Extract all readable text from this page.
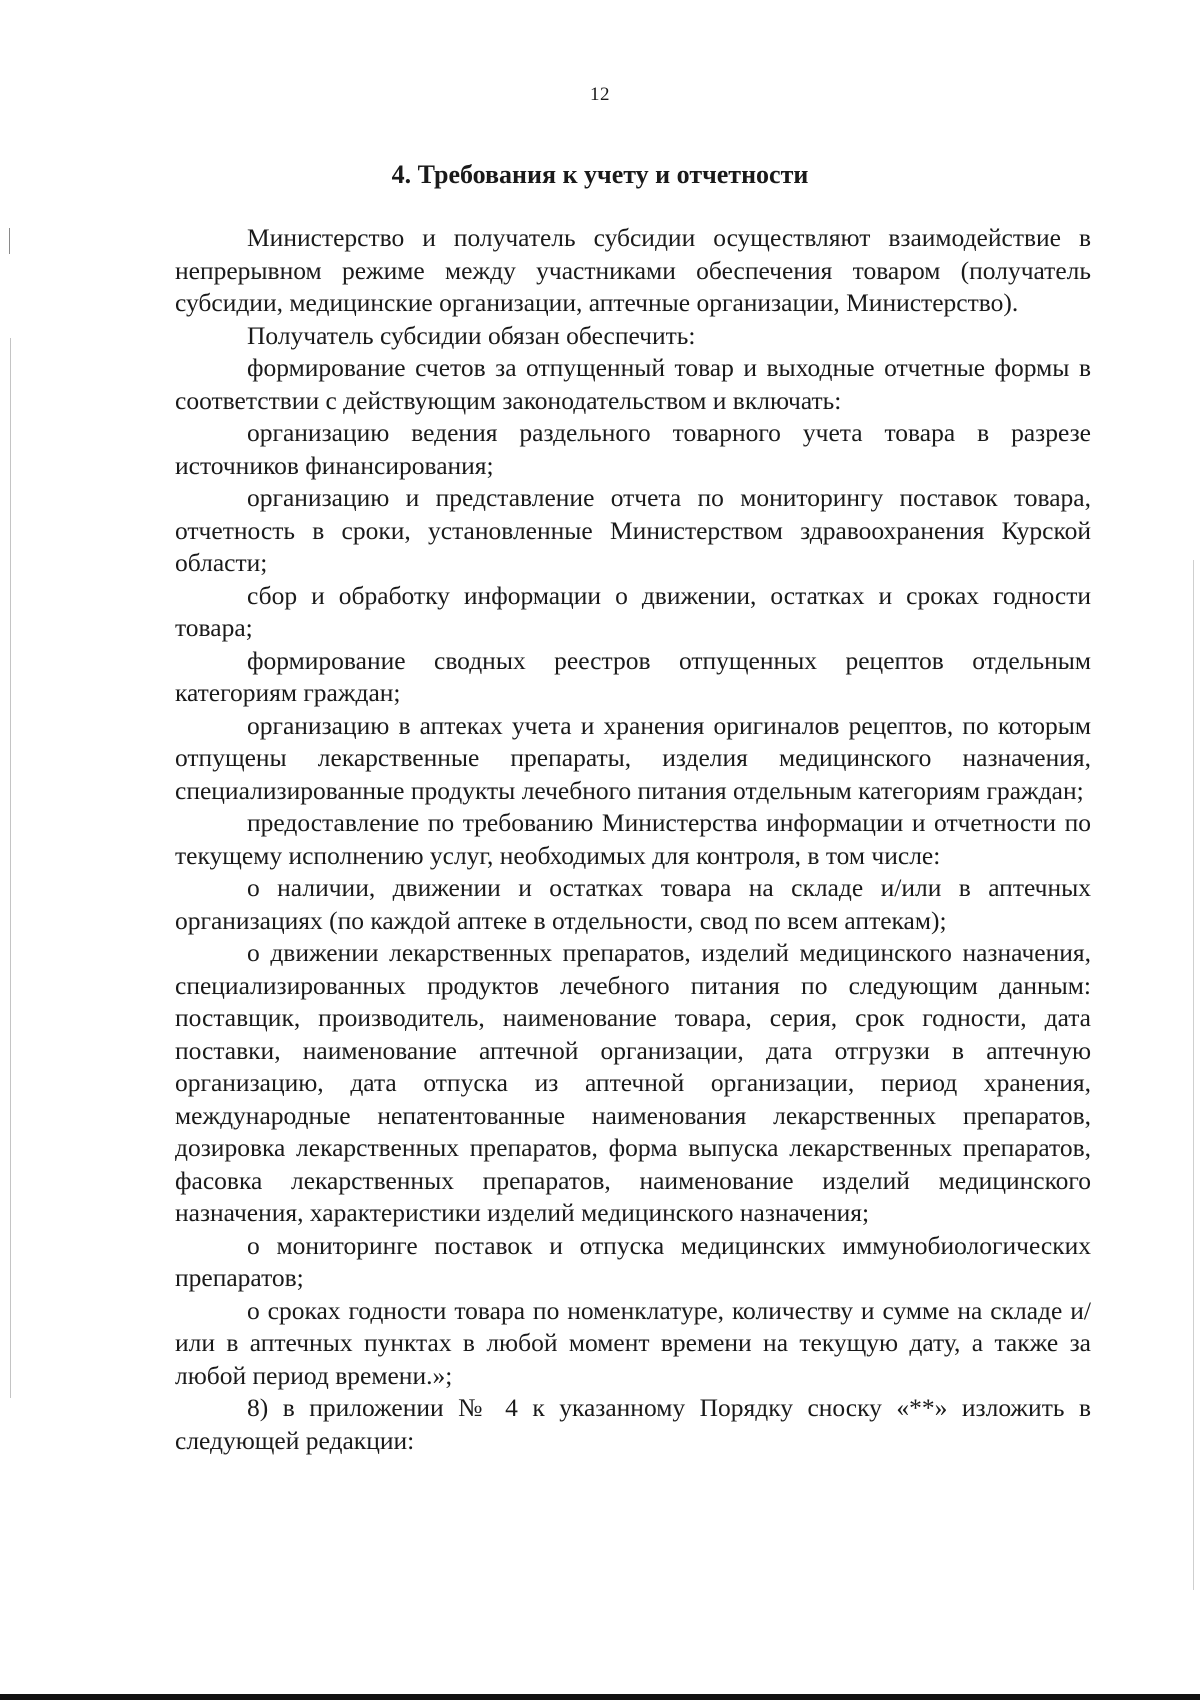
12
4. Требования к учету и отчетности

Министерство и получатель субсидии осуществляют взаимодействие в непрерывном режиме между участниками обеспечения товаром (получатель субсидии, медицинские организации, аптечные организации, Министерство).

Получатель субсидии обязан обеспечить:

формирование счетов за отпущенный товар и выходные отчетные формы в соответствии с действующим законодательством и включать:

организацию ведения раздельного товарного учета товара в разрезе источников финансирования;

организацию и представление отчета по мониторингу поставок товара, отчетность в сроки, установленные Министерством здравоохранения Курской области;

сбор и обработку информации о движении, остатках и сроках годности товара;

формирование сводных реестров отпущенных рецептов отдельным категориям граждан;

организацию в аптеках учета и хранения оригиналов рецептов, по которым отпущены лекарственные препараты, изделия медицинского назначения, специализированные продукты лечебного питания отдельным категориям граждан;

предоставление по требованию Министерства информации и отчетности по текущему исполнению услуг, необходимых для контроля, в том числе:

о наличии, движении и остатках товара на складе и/или в аптечных организациях (по каждой аптеке в отдельности, свод по всем аптекам);

о движении лекарственных препаратов, изделий медицинского назначения, специализированных продуктов лечебного питания по следующим данным: поставщик, производитель, наименование товара, серия, срок годности, дата поставки, наименование аптечной организации, дата отгрузки в аптечную организацию, дата отпуска из аптечной организации, период хранения, международные непатентованные наименования лекарственных препаратов, дозировка лекарственных препаратов, форма выпуска лекарственных препаратов, фасовка лекарственных препаратов, наименование изделий медицинского назначения, характеристики изделий медицинского назначения;

о мониторинге поставок и отпуска медицинских иммунобиологических препаратов;

о сроках годности товара по номенклатуре, количеству и сумме на складе и/или в аптечных пунктах в любой момент времени на текущую дату, а также за любой период времени.»;

8) в приложении № 4 к указанному Порядку сноску «**» изложить в следующей редакции:
